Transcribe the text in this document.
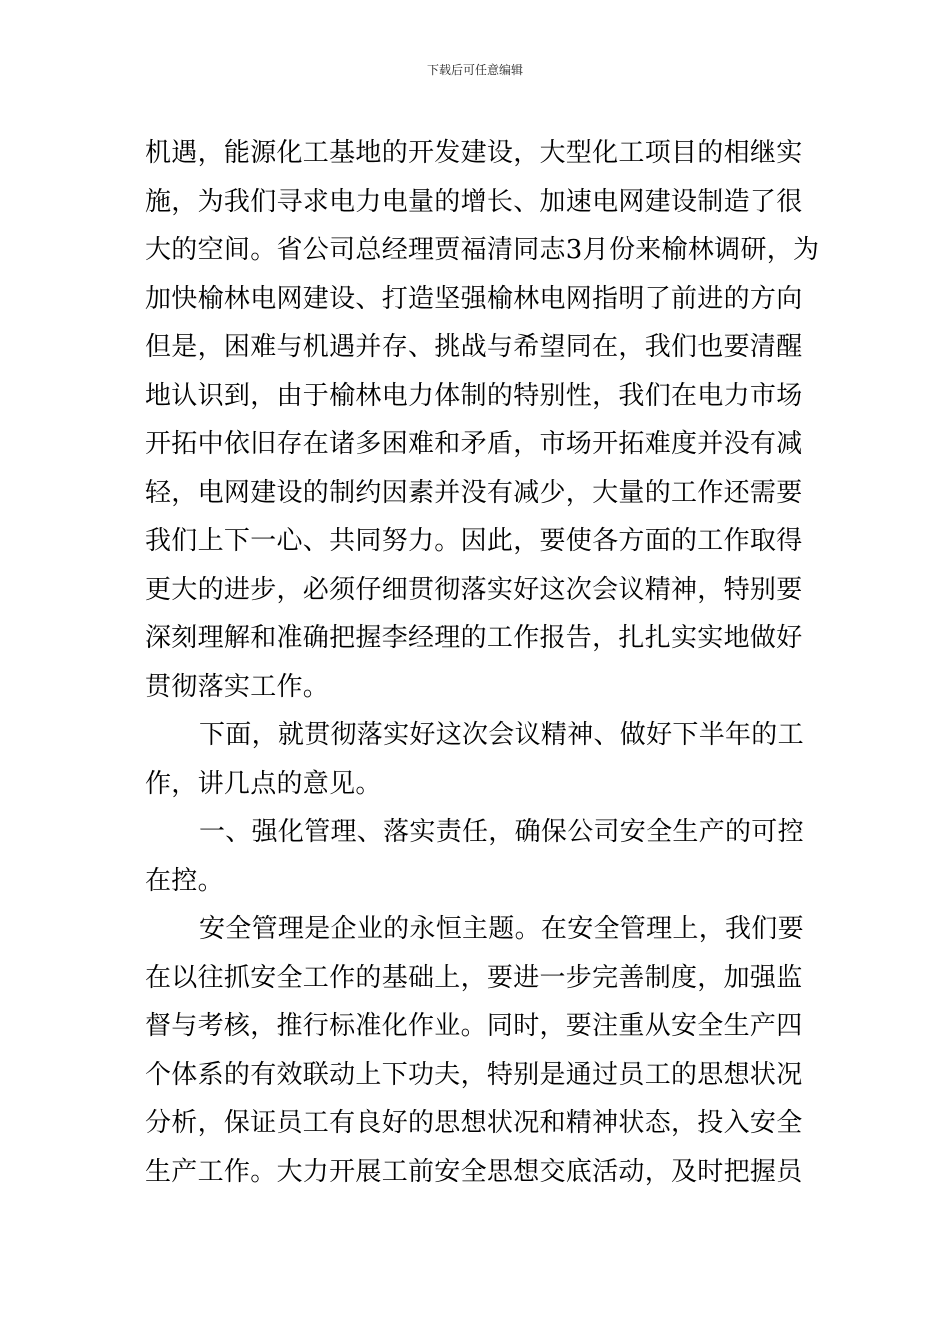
下载后可任意编辑
机遇，能源化工基地的开发建设，大型化工项目的相继实
施，为我们寻求电力电量的增长、加速电网建设制造了很
大的空间。省公司总经理贾福清同志3月份来榆林调研，为
加快榆林电网建设、打造坚强榆林电网指明了前进的方向
但是，困难与机遇并存、挑战与希望同在，我们也要清醒
地认识到，由于榆林电力体制的特别性，我们在电力市场
开拓中依旧存在诸多困难和矛盾，市场开拓难度并没有减
轻，电网建设的制约因素并没有减少，大量的工作还需要
我们上下一心、共同努力。因此，要使各方面的工作取得
更大的进步，必须仔细贯彻落实好这次会议精神，特别要
深刻理解和准确把握李经理的工作报告，扎扎实实地做好
贯彻落实工作。
下面，就贯彻落实好这次会议精神、做好下半年的工
作，讲几点的意见。
一、强化管理、落实责任，确保公司安全生产的可控
在控。
安全管理是企业的永恒主题。在安全管理上，我们要
在以往抓安全工作的基础上，要进一步完善制度，加强监
督与考核，推行标准化作业。同时，要注重从安全生产四
个体系的有效联动上下功夫，特别是通过员工的思想状况
分析，保证员工有良好的思想状况和精神状态，投入安全
生产工作。大力开展工前安全思想交底活动，及时把握员
